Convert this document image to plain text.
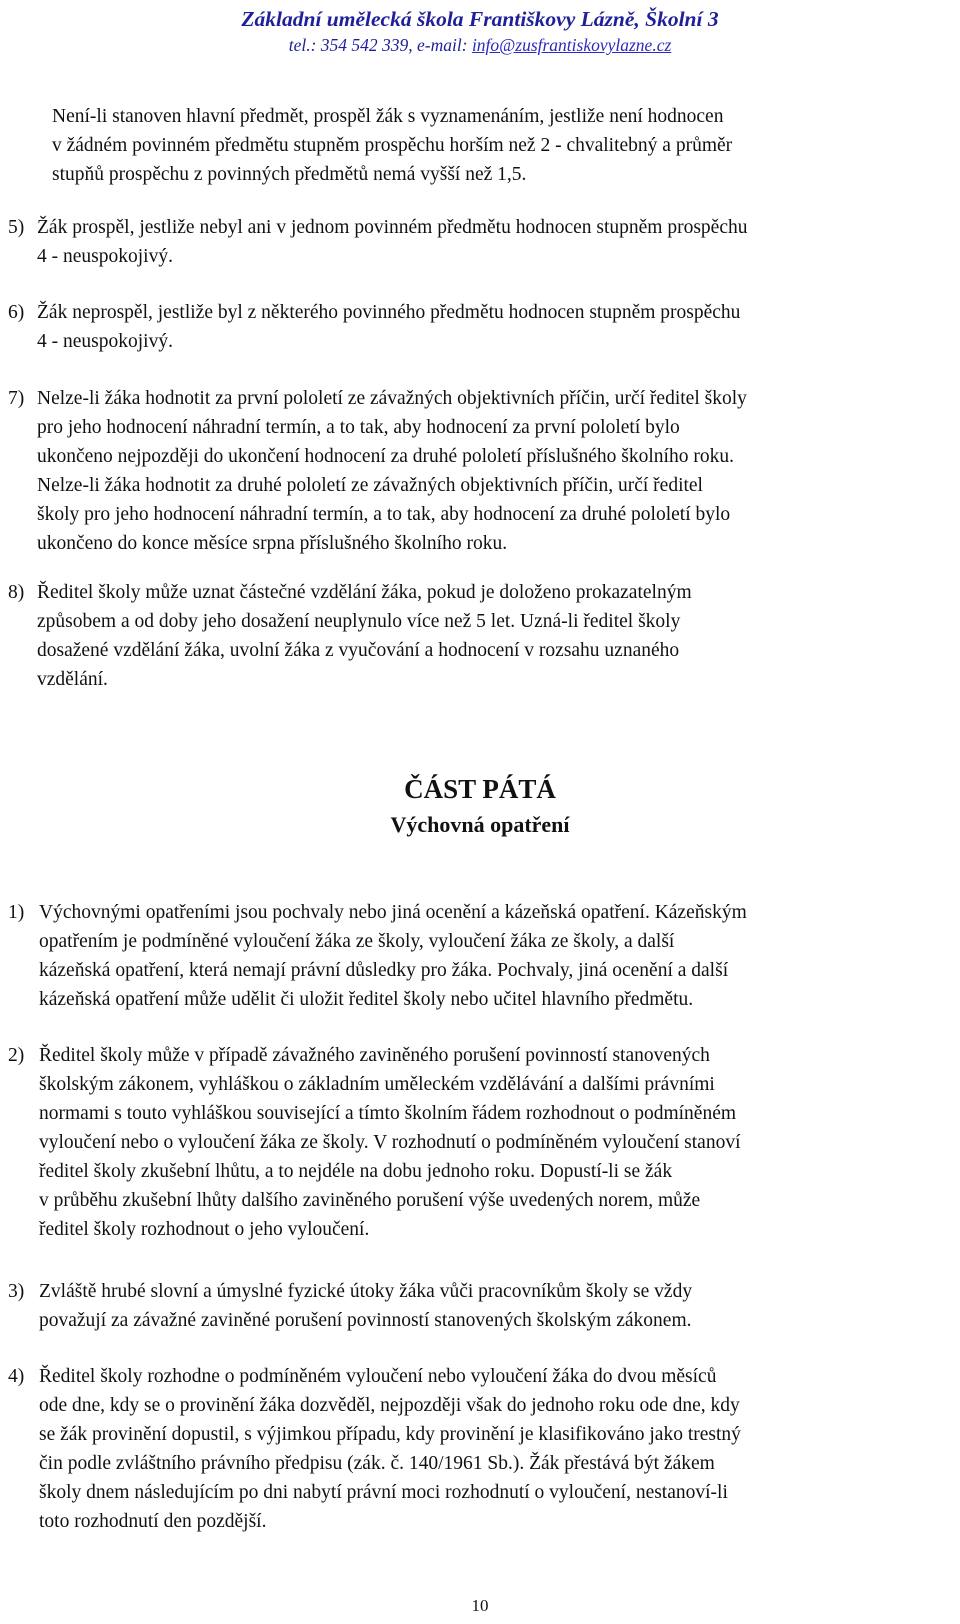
Základní umělecká škola Františkovy Lázně, Školní 3
tel.: 354 542 339, e-mail: info@zusfrantiskovylazne.cz
Není-li stanoven hlavní předmět, prospěl žák s vyznamenáním, jestliže není hodnocen
v žádném povinném předmětu stupněm prospěchu horším než 2 - chvalitebný a průměr
stupňů prospěchu z povinných předmětů nemá vyšší než 1,5.
5) Žák prospěl, jestliže nebyl ani v jednom povinném předmětu hodnocen stupněm prospěchu
4 - neuspokojivý.
6) Žák neprospěl, jestliže byl z některého povinného předmětu hodnocen stupněm prospěchu
4 - neuspokojivý.
7) Nelze-li žáka hodnotit za první pololetí ze závažných objektivních příčin, určí ředitel školy
pro jeho hodnocení náhradní termín, a to tak, aby hodnocení za první pololetí bylo
ukončeno nejpozději do ukončení hodnocení za druhé pololetí příslušného školního roku.
Nelze-li žáka hodnotit za druhé pololetí ze závažných objektivních příčin, určí ředitel
školy pro jeho hodnocení náhradní termín, a to tak, aby hodnocení za druhé pololetí bylo
ukončeno do konce měsíce srpna příslušného školního roku.
8) Ředitel školy může uznat částečné vzdělání žáka, pokud je doloženo prokazatelným
způsobem a od doby jeho dosažení neuplynulo více než 5 let. Uzná-li ředitel školy
dosažené vzdělání žáka, uvolní žáka z vyučování a hodnocení v rozsahu uznaného
vzdělání.
ČÁST PÁTÁ
Výchovná opatření
1) Výchovnými opatřeními jsou pochvaly nebo jiná ocenění a kázeňská opatření. Kázeňským
opatřením je podmíněné vyloučení žáka ze školy, vyloučení žáka ze školy, a další
kázeňská opatření, která nemají právní důsledky pro žáka. Pochvaly, jiná ocenění a další
kázeňská opatření může udělit či uložit ředitel školy nebo učitel hlavního předmětu.
2) Ředitel školy může v případě závažného zaviněného porušení povinností stanovených
školským zákonem, vyhláškou o základním uměleckém vzdělávání a dalšími právními
normami s touto vyhláškou související a tímto školním řádem rozhodnout o podmíněném
vyloučení nebo o vyloučení žáka ze školy. V rozhodnutí o podmíněném vyloučení stanoví
ředitel školy zkušební lhůtu, a to nejdéle na dobu jednoho roku. Dopustí-li se žák
v průběhu zkušební lhůty dalšího zaviněného porušení výše uvedených norem, může
ředitel školy rozhodnout o jeho vyloučení.
3) Zvláště hrubé slovní a úmyslné fyzické útoky žáka vůči pracovníkům školy se vždy
považují za závažné zaviněné porušení povinností stanovených školským zákonem.
4) Ředitel školy rozhodne o podmíněném vyloučení nebo vyloučení žáka do dvou měsíců
ode dne, kdy se o provinění žáka dozvěděl, nejpozději však do jednoho roku ode dne, kdy
se žák provinění dopustil, s výjimkou případu, kdy provinění je klasifikováno jako trestný
čin podle zvláštního právního předpisu (zák. č. 140/1961 Sb.). Žák přestává být žákem
školy dnem následujícím po dni nabytí právní moci rozhodnutí o vyloučení, nestanoví-li
toto rozhodnutí den pozdější.
10
